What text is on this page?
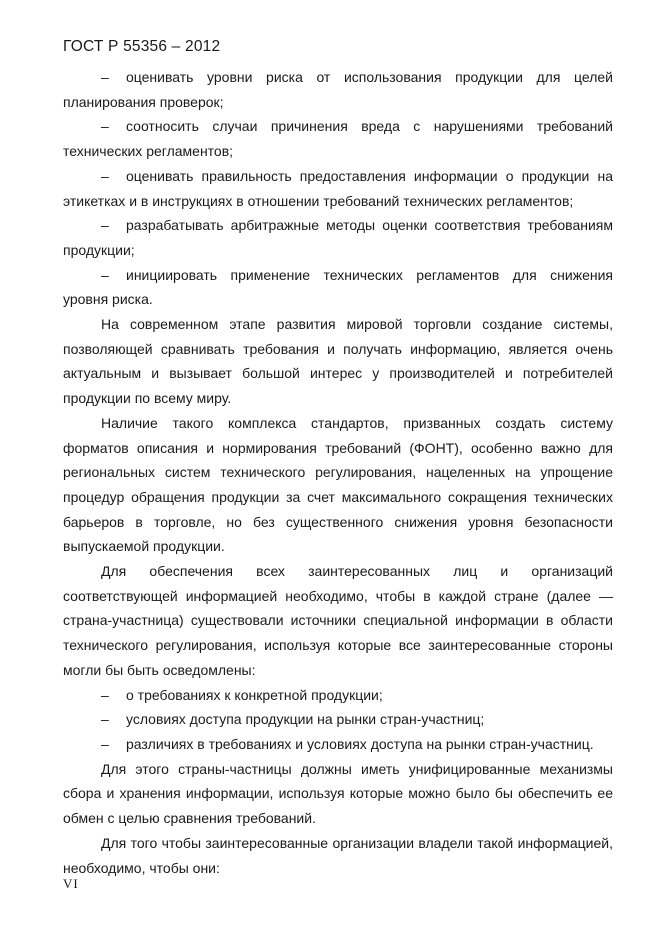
ГОСТ Р 55356 – 2012

– оценивать уровни риска от использования продукции для целей планирования проверок;

– соотносить случаи причинения вреда с нарушениями требований технических регламентов;

– оценивать правильность предоставления информации о продукции на этикетках и в инструкциях в отношении требований технических регламентов;

– разрабатывать арбитражные методы оценки соответствия требованиям продукции;

– инициировать применение технических регламентов для снижения уровня риска.

На современном этапе развития мировой торговли создание системы, позволяющей сравнивать требования и получать информацию, является очень актуальным и вызывает большой интерес у производителей и потребителей продукции по всему миру.

Наличие такого комплекса стандартов, призванных создать систему форматов описания и нормирования требований (ФОНТ), особенно важно для региональных систем технического регулирования, нацеленных на упрощение процедур обращения продукции за счет максимального сокращения технических барьеров в торговле, но без существенного снижения уровня безопасности выпускаемой продукции.

Для обеспечения всех заинтересованных лиц и организаций соответствующей информацией необходимо, чтобы в каждой стране (далее — страна-участница) существовали источники специальной информации в области технического регулирования, используя которые все заинтересованные стороны могли бы быть осведомлены:

– о требованиях к конкретной продукции;

– условиях доступа продукции на рынки стран-участниц;

– различиях в требованиях и условиях доступа на рынки стран-участниц.

Для этого страны-частницы должны иметь унифицированные механизмы сбора и хранения информации, используя которые можно было бы обеспечить ее обмен с целью сравнения требований.

Для того чтобы заинтересованные организации владели такой информацией, необходимо, чтобы они:

VI
